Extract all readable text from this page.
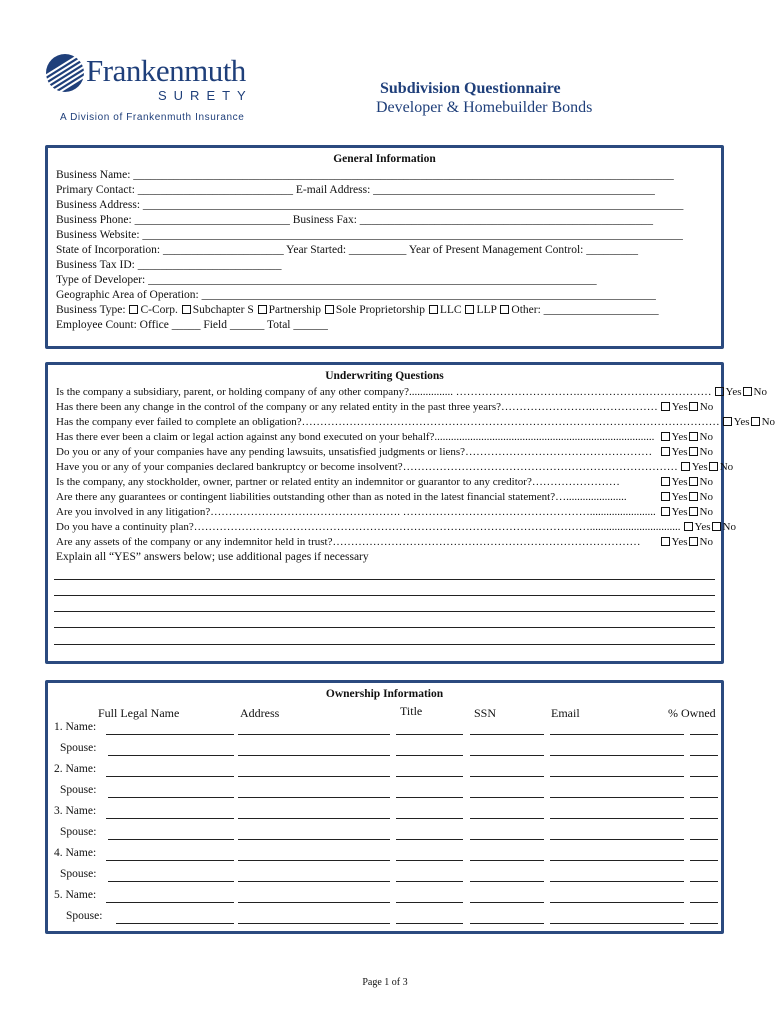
Frankenmuth
SURETY
A Division of Frankenmuth Insurance
Subdivision Questionnaire
Developer & Homebuilder Bonds
General Information
Business Name: ______________________________________________________________________________________________
Primary Contact: ___________________________ E-mail Address: _________________________________________________
Business Address: ______________________________________________________________________________________________
Business Phone: ___________________________ Business Fax: ___________________________________________________
Business Website: ______________________________________________________________________________________________
State of Incorporation: _____________________ Year Started: __________ Year of Present Management Control: _________
Business Tax ID: _________________________
Type of Developer: ______________________________________________________________________________
Geographic Area of Operation: _______________________________________________________________________________
Business Type: C-Corp. Subchapter S Partnership Sole Proprietorship LLC LLP Other: ____________________
Employee Count: Office _____ Field ______ Total ______
Underwriting Questions
Is the company a subsidiary, parent, or holding company of any other company? ................ …………………………….………………………………	Yes No
Has there been any change in the control of the company or any related entity in the past three years? …………………….………………	Yes No
Has the company ever failed to complete an obligation? ……………………………………………………………………………………………………	Yes No
Has there ever been a claim or legal action against any bond executed on your behalf? ................................................................................	Yes No
Do you or any of your companies have any pending lawsuits, unsatisfied judgments or liens? ……………………………………………	Yes No
Have you or any of your companies declared bankruptcy or become insolvent? …………………………………………………………………	Yes No
Is the company, any stockholder, owner, partner or related entity an indemnitor or guarantor to any creditor? ……………………	Yes No
Are there any guarantees or contingent liabilities outstanding other than as noted in the latest financial statement? …......................	Yes No
Are you involved in any litigation? ……………………………………………. ……………………………………………........................	Yes No
Do you have a continuity plan? ……………………………………………………………………………………………….................................	Yes No
Are any assets of the company or any indemnitor held in trust? …………………………………………………………………………	Yes No
Explain all “YES” answers below; use additional pages if necessary
Ownership Information
Full Legal Name	Address	Title	SSN	Email	% Owned
1. Name:
Spouse:
2. Name:
Spouse:
3. Name:
Spouse:
4. Name:
Spouse:
5. Name:
Spouse:
Page 1 of 3
